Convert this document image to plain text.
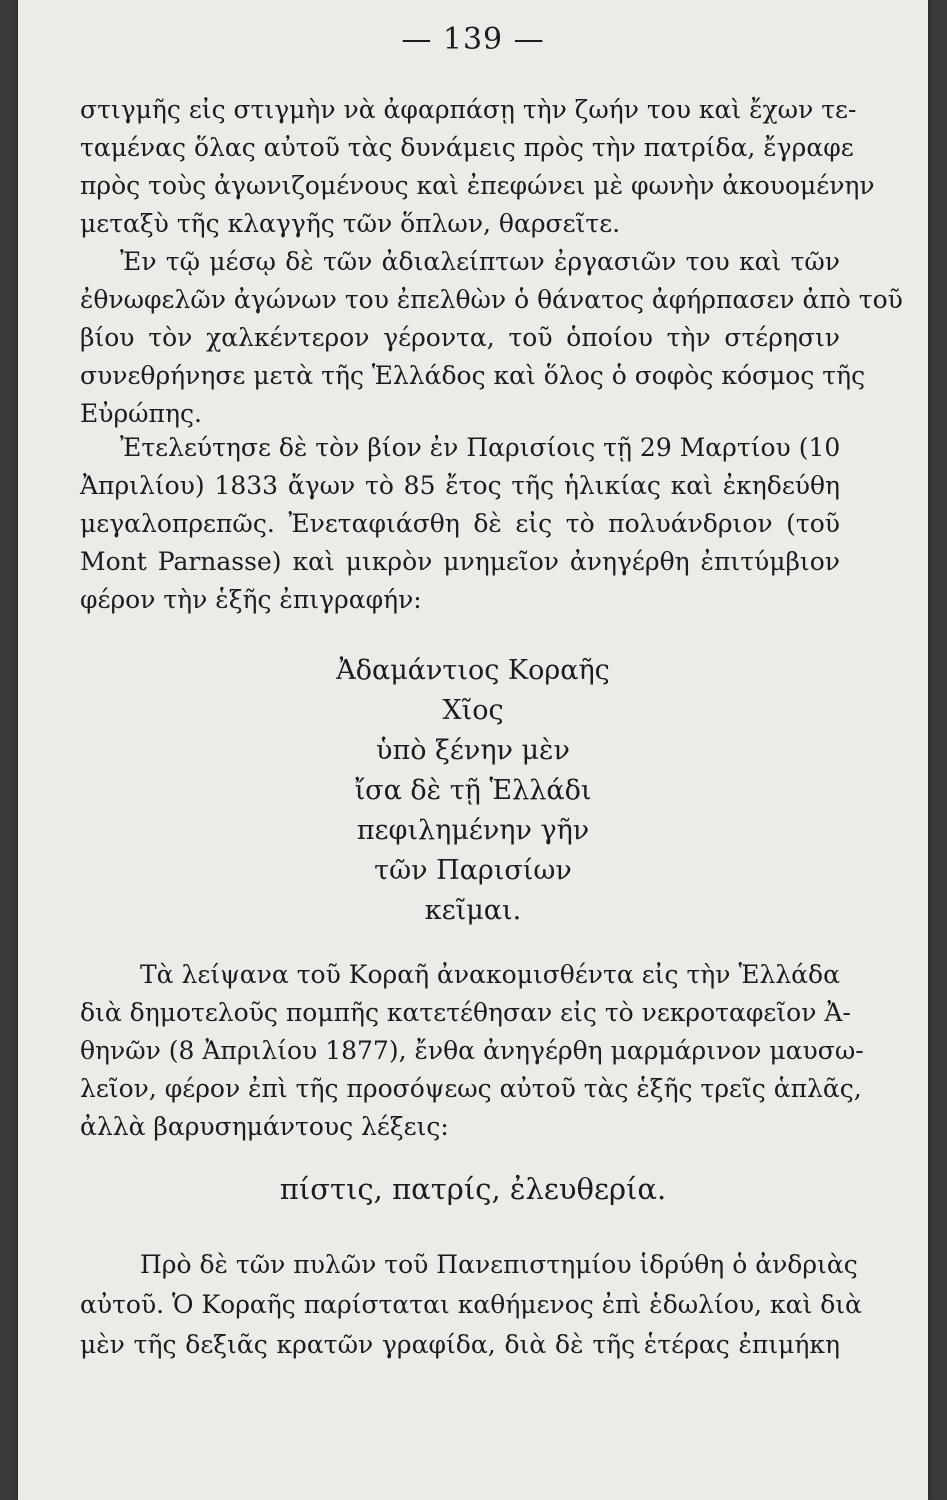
— 139 —
στιγμῆς εἰς στιγμὴν νὰ ἀφαρπάσῃ τὴν ζωήν του καὶ ἔχων τε-
ταμένας ὅλας αὐτοῦ τὰς δυνάμεις πρὸς τὴν πατρίδα, ἔγραφε
πρὸς τοὺς ἀγωνιζομένους καὶ ἐπεφώνει μὲ φωνὴν ἀκουομένην
μεταξὺ τῆς κλαγγῆς τῶν ὅπλων, θαρσεῖτε.
Ἐν τῷ μέσῳ δὲ τῶν ἀδιαλείπτων ἐργασιῶν του καὶ τῶν
ἐθνωφελῶν ἀγώνων του ἐπελθὼν ὁ θάνατος ἀφήρπασεν ἀπὸ τοῦ
βίου τὸν χαλκέντερον γέροντα, τοῦ ὁποίου τὴν στέρησιν
συνεθρήνησε μετὰ τῆς Ἑλλάδος καὶ ὅλος ὁ σοφὸς κόσμος τῆς
Εὐρώπης.
Ἐτελεύτησε δὲ τὸν βίον ἐν Παρισίοις τῇ 29 Μαρτίου (10
Ἀπριλίου) 1833 ἄγων τὸ 85 ἔτος τῆς ἡλικίας καὶ ἐκηδεύθη
μεγαλοπρεπῶς. Ἐνεταφιάσθη δὲ εἰς τὸ πολυάνδριον (τοῦ
Mont Parnasse) καὶ μικρὸν μνημεῖον ἀνηγέρθη ἐπιτύμβιον
φέρον τὴν ἑξῆς ἐπιγραφήν:
Ἀδαμάντιος Κοραῆς
Χῖος
ὑπὸ ξένην μὲν
ἴσα δὲ τῇ Ἑλλάδι
πεφιλημένην γῆν
τῶν Παρισίων
κεῖμαι.
Τὰ λείψανα τοῦ Κοραῆ ἀνακομισθέντα εἰς τὴν Ἑλλάδα
διὰ δημοτελοῦς πομπῆς κατετέθησαν εἰς τὸ νεκροταφεῖον Ἀ-
θηνῶν (8 Ἀπριλίου 1877), ἔνθα ἀνηγέρθη μαρμάρινον μαυσω-
λεῖον, φέρον ἐπὶ τῆς προσόψεως αὐτοῦ τὰς ἑξῆς τρεῖς ἁπλᾶς,
ἀλλὰ βαρυσημάντους λέξεις:
πίστις, πατρίς, ἐλευθερία.
Πρὸ δὲ τῶν πυλῶν τοῦ Πανεπιστημίου ἱδρύθη ὁ ἀνδριὰς
αὐτοῦ. Ὁ Κοραῆς παρίσταται καθήμενος ἐπὶ ἑδωλίου, καὶ διὰ
μὲν τῆς δεξιᾶς κρατῶν γραφίδα, διὰ δὲ τῆς ἑτέρας ἐπιμήκη
